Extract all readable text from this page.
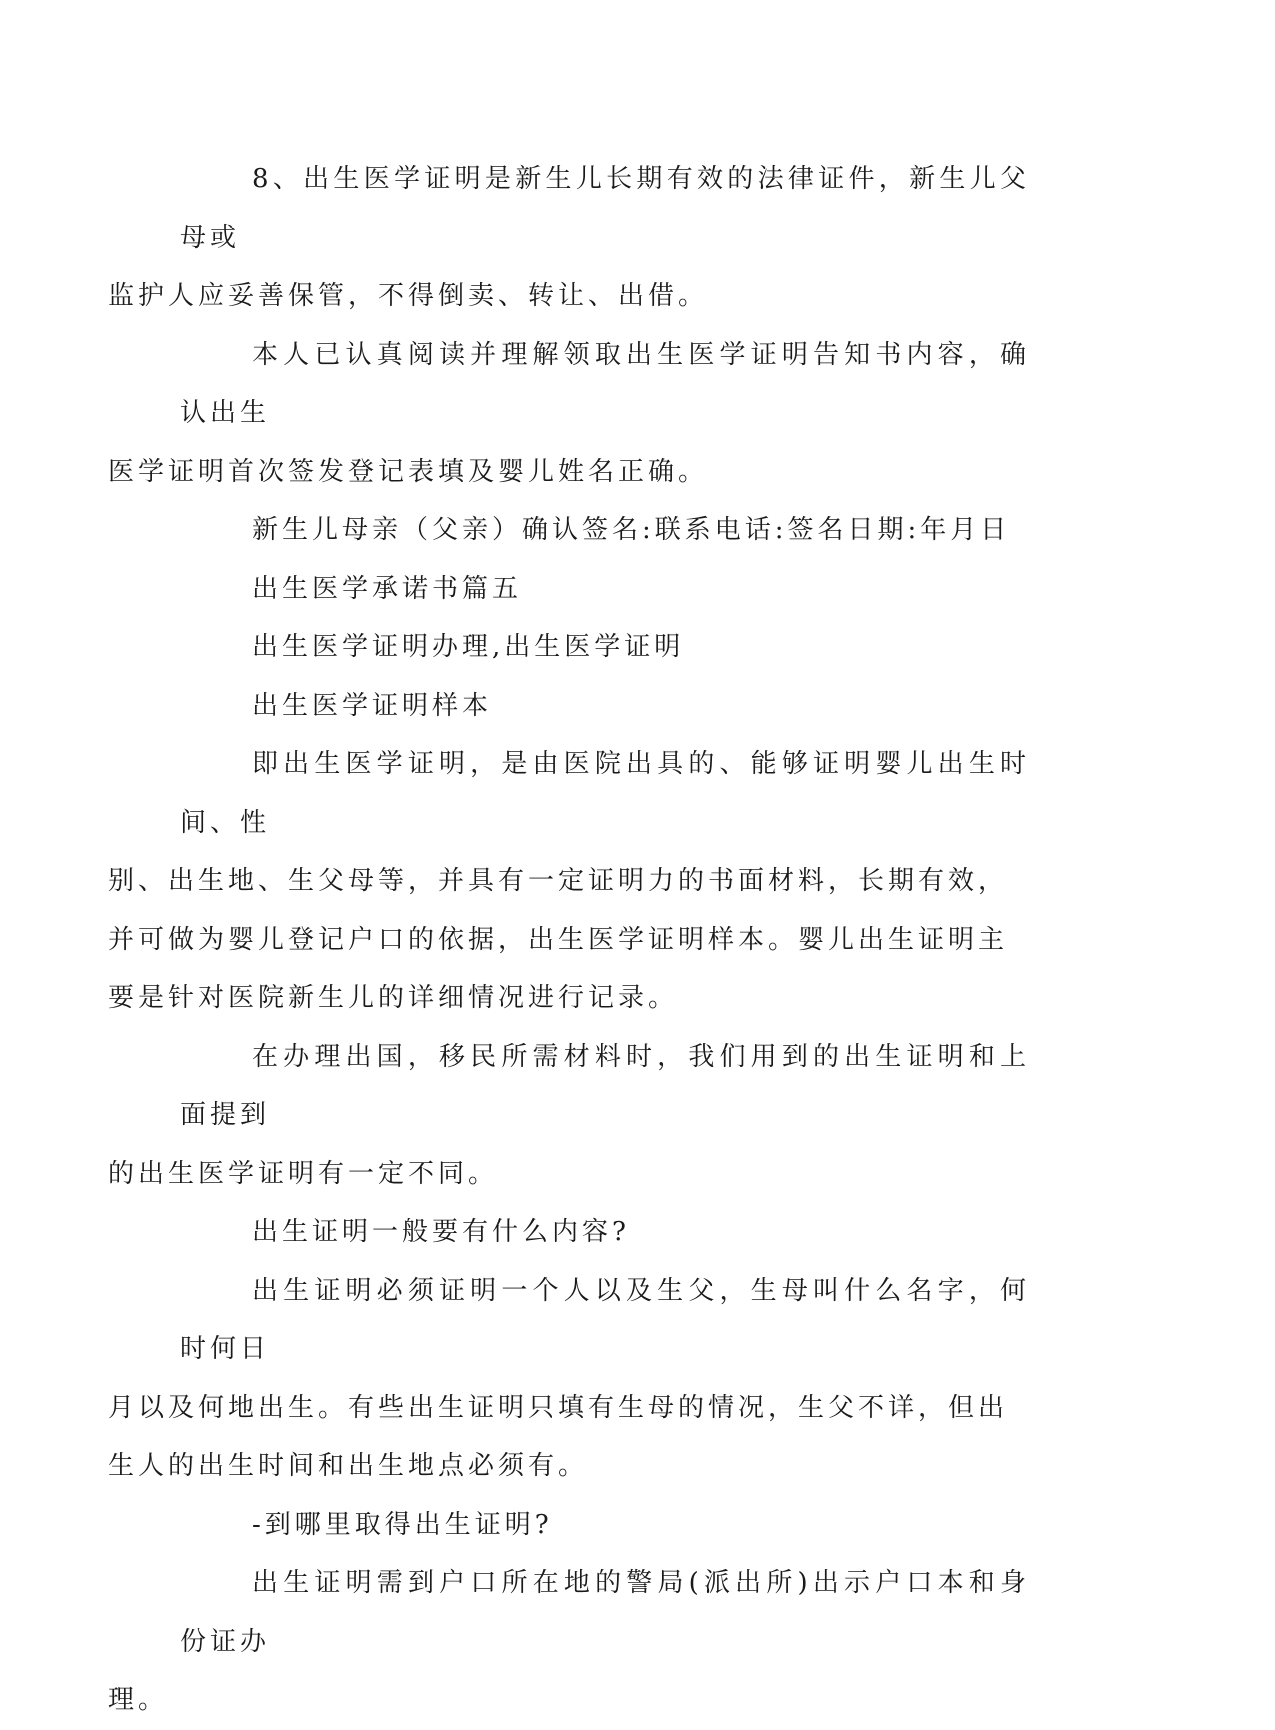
8、出生医学证明是新生儿长期有效的法律证件，新生儿父母或
监护人应妥善保管，不得倒卖、转让、出借。

本人已认真阅读并理解领取出生医学证明告知书内容，确认出生
医学证明首次签发登记表填及婴儿姓名正确。

新生儿母亲（父亲）确认签名:联系电话:签名日期:年月日

出生医学承诺书篇五

出生医学证明办理,出生医学证明

出生医学证明样本

即出生医学证明，是由医院出具的、能够证明婴儿出生时间、性
别、出生地、生父母等，并具有一定证明力的书面材料，长期有效，
并可做为婴儿登记户口的依据，出生医学证明样本。婴儿出生证明主
要是针对医院新生儿的详细情况进行记录。

在办理出国，移民所需材料时，我们用到的出生证明和上面提到
的出生医学证明有一定不同。

出生证明一般要有什么内容?

出生证明必须证明一个人以及生父，生母叫什么名字，何时何日
月以及何地出生。有些出生证明只填有生母的情况，生父不详，但出
生人的出生时间和出生地点必须有。

-到哪里取得出生证明?

出生证明需到户口所在地的警局(派出所)出示户口本和身份证办
理。
